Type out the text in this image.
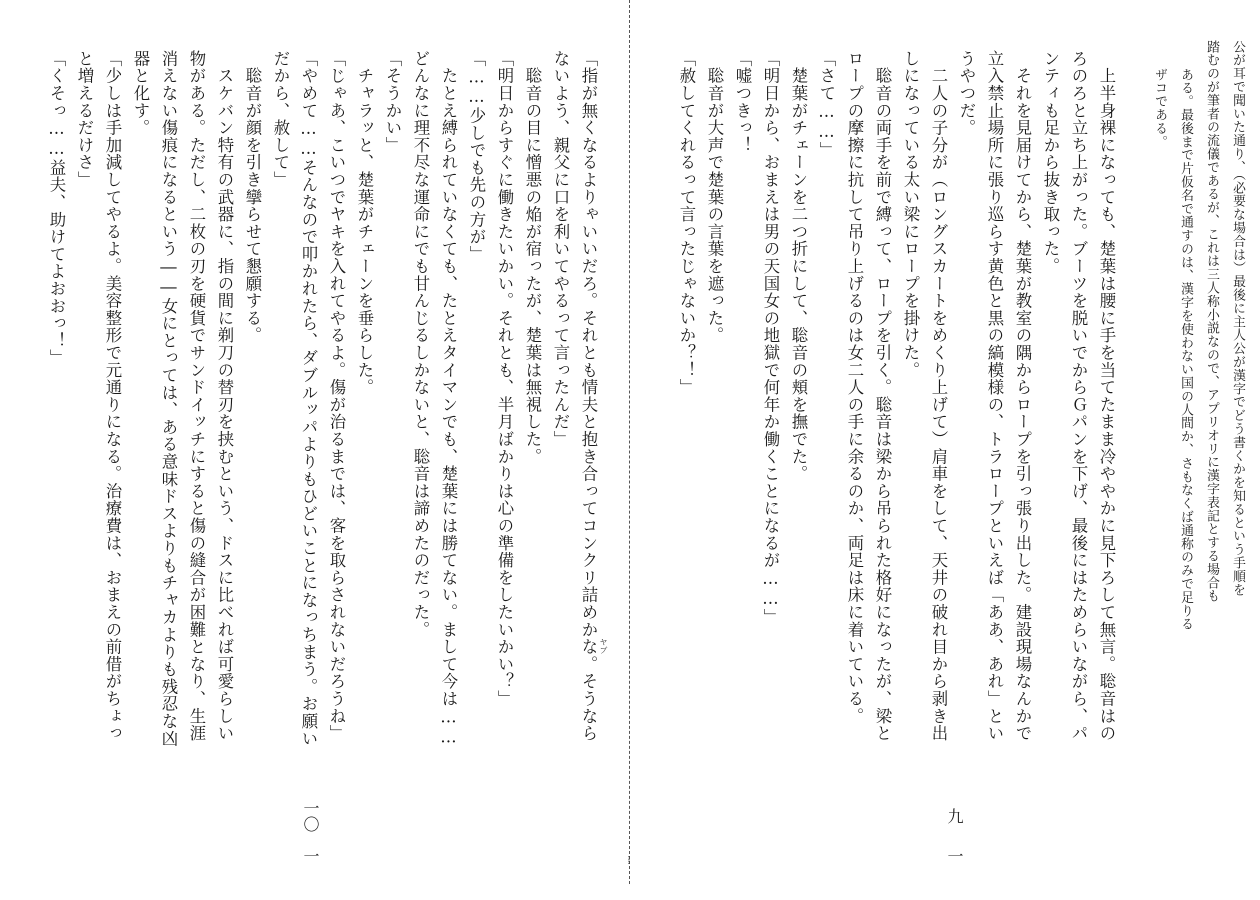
公が耳で聞いた通り、（必要な場合は）最後に主人公が漢字でどう書くかを知るという手順を
踏むのが筆者の流儀であるが、これは三人称小説なので、アプリオリに漢字表記とする場合も
ある。最後まで片仮名で通すのは、漢字を使わない国の人間か、さもなくば通称のみで足りる
ザコである。
　上半身裸になっても、楚葉は腰に手を当てたまま冷ややかに見下ろして無言。聡音はの
ろのろと立ち上がった。ブーツを脱いでからＧパンを下げ、最後にはためらいながら、パ
ンティも足から抜き取った。
　それを見届けてから、楚葉が教室の隅からロープを引っ張り出した。建設現場なんかで
立入禁止場所に張り巡らす黄色と黒の縞模様の、トラロープといえば「ああ、あれ」とい
うやつだ。
　二人の子分が（ロングスカートをめくり上げて）肩車をして、天井の破れ目から剥き出
しになっている太い梁にロープを掛けた。
　聡音の両手を前で縛って、ロープを引く。聡音は梁から吊られた格好になったが、梁と
ロープの摩擦に抗して吊り上げるのは女二人の手に余るのか、両足は床に着いている。
「さて……」
　楚葉がチェーンを二つ折にして、聡音の頬を撫でた。
「明日から、おまえは男の天国女の地獄で何年か働くことになるが……」
「嘘つきっ！
　聡音が大声で楚葉の言葉を遮った。
「赦してくれるって言ったじゃないか？！」
九
一
⁞
ヤブ
「指が無くなるよりゃいいだろ。それとも情夫と抱き合ってコンクリ詰めかな。そうなら
ないよう、親父に口を利いてやるって言ったんだ」
　聡音の目に憎悪の焔が宿ったが、楚葉は無視した。
「明日からすぐに働きたいかい。それとも、半月ばかりは心の準備をしたいかい？」
「……少しでも先の方が」
　たとえ縛られていなくても、たとえタイマンでも、楚葉には勝てない。まして今は……
どんなに理不尽な運命にでも甘んじるしかないと、聡音は諦めたのだった。
「そうかい」
　チャラッと、楚葉がチェーンを垂らした。
「じゃあ、こいつでヤキを入れてやるよ。傷が治るまでは、客を取らされないだろうね」
「やめて……そんなので叩かれたら、ダブルッパよりもひどいことになっちまう。お願い
だから、赦して」
　聡音が顔を引き攣らせて懇願する。
　スケバン特有の武器に、指の間に剃刀の替刃を挟むという、ドスに比べれば可愛らしい
物がある。ただし、二枚の刃を硬貨でサンドイッチにすると傷の縫合が困難となり、生涯
消えない傷痕になるという――女にとっては、ある意味ドスよりもチャカよりも残忍な凶
器と化す。
「少しは手加減してやるよ。美容整形で元通りになる。治療費は、おまえの前借がちょっ
と増えるだけさ」
「くそっ……益夫、助けてよおおっ！」
一〇
一
